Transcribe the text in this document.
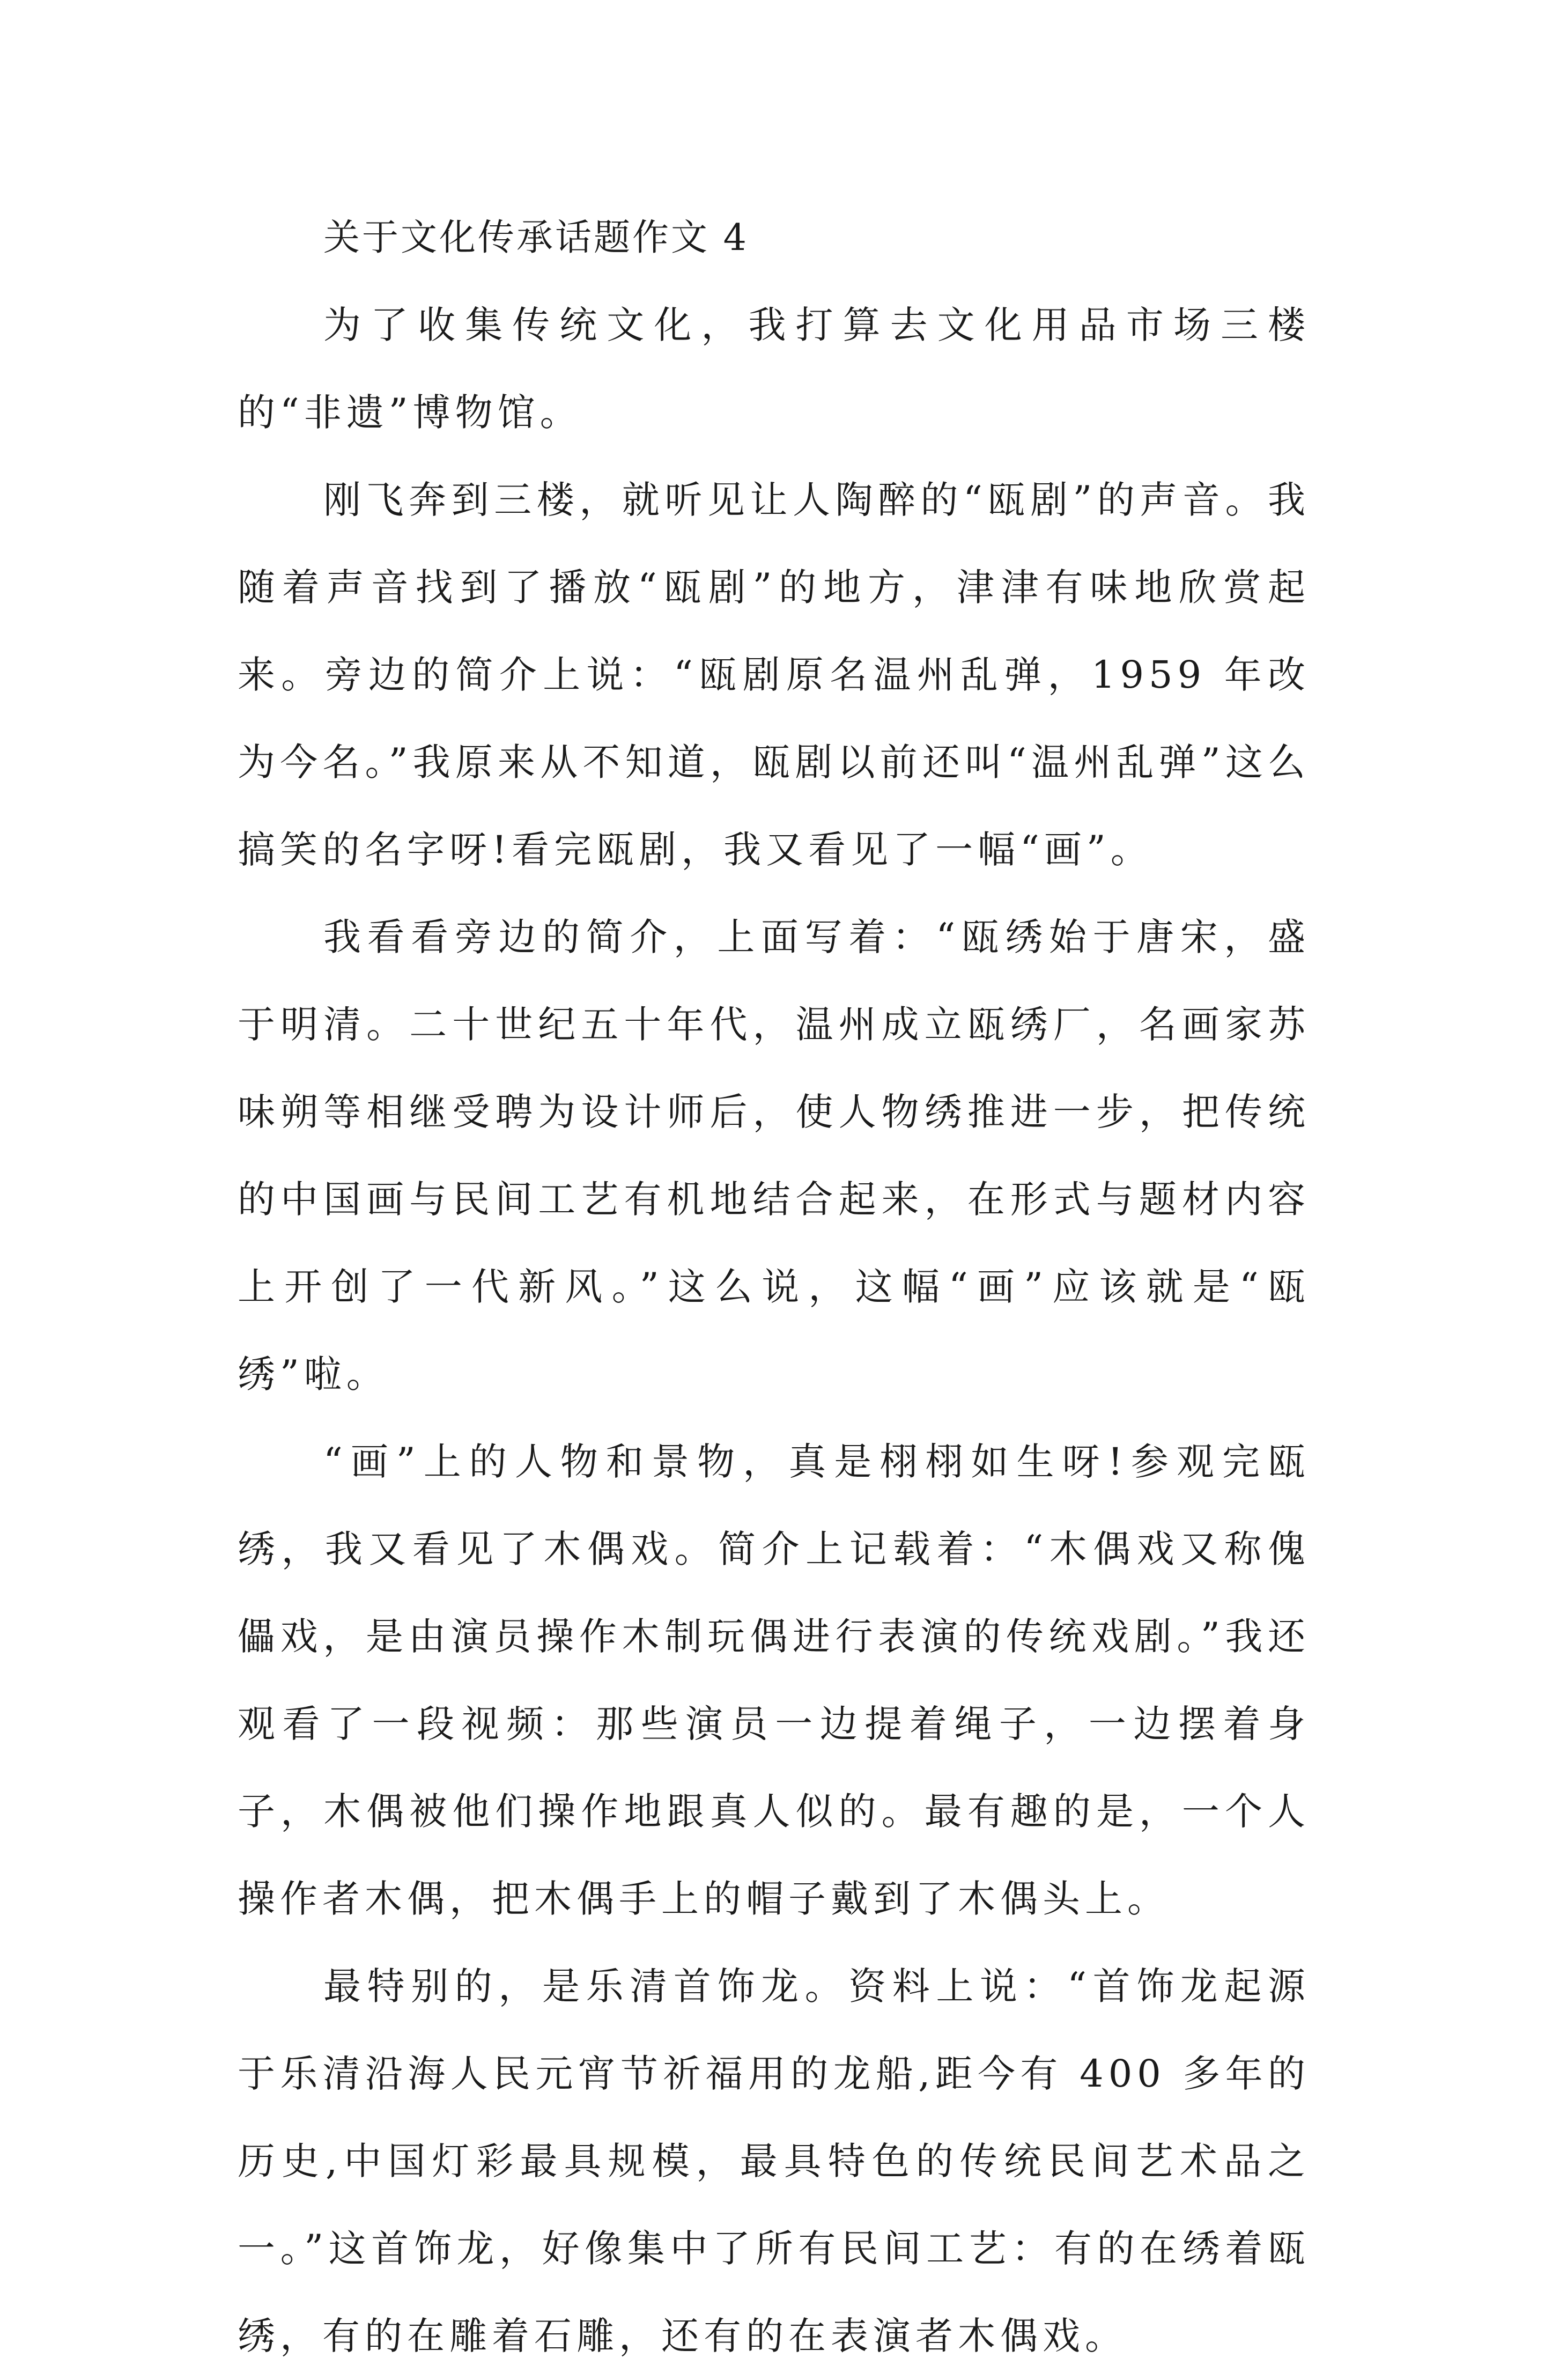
关于文化传承话题作文 4

为了收集传统文化，我打算去文化用品市场三楼的“非遗”博物馆。

刚飞奔到三楼，就听见让人陶醉的“瓯剧”的声音。我随着声音找到了播放“瓯剧”的地方，津津有味地欣赏起来。旁边的简介上说：“瓯剧原名温州乱弹，1959 年改为今名。”我原来从不知道，瓯剧以前还叫“温州乱弹”这么搞笑的名字呀!看完瓯剧，我又看见了一幅“画”。

我看看旁边的简介，上面写着：“瓯绣始于唐宋，盛于明清。二十世纪五十年代，温州成立瓯绣厂，名画家苏味朔等相继受聘为设计师后，使人物绣推进一步，把传统的中国画与民间工艺有机地结合起来，在形式与题材内容上开创了一代新风。”这么说，这幅“画”应该就是“瓯绣”啦。

“画”上的人物和景物，真是栩栩如生呀!参观完瓯绣，我又看见了木偶戏。简介上记载着：“木偶戏又称傀儡戏，是由演员操作木制玩偶进行表演的传统戏剧。”我还观看了一段视频：那些演员一边提着绳子，一边摆着身子，木偶被他们操作地跟真人似的。最有趣的是，一个人操作者木偶，把木偶手上的帽子戴到了木偶头上。

最特别的，是乐清首饰龙。资料上说：“首饰龙起源于乐清沿海人民元宵节祈福用的龙船,距今有 400 多年的历史,中国灯彩最具规模，最具特色的传统民间艺术品之一。”这首饰龙，好像集中了所有民间工艺：有的在绣着瓯绣，有的在雕着石雕，还有的在表演者木偶戏。
